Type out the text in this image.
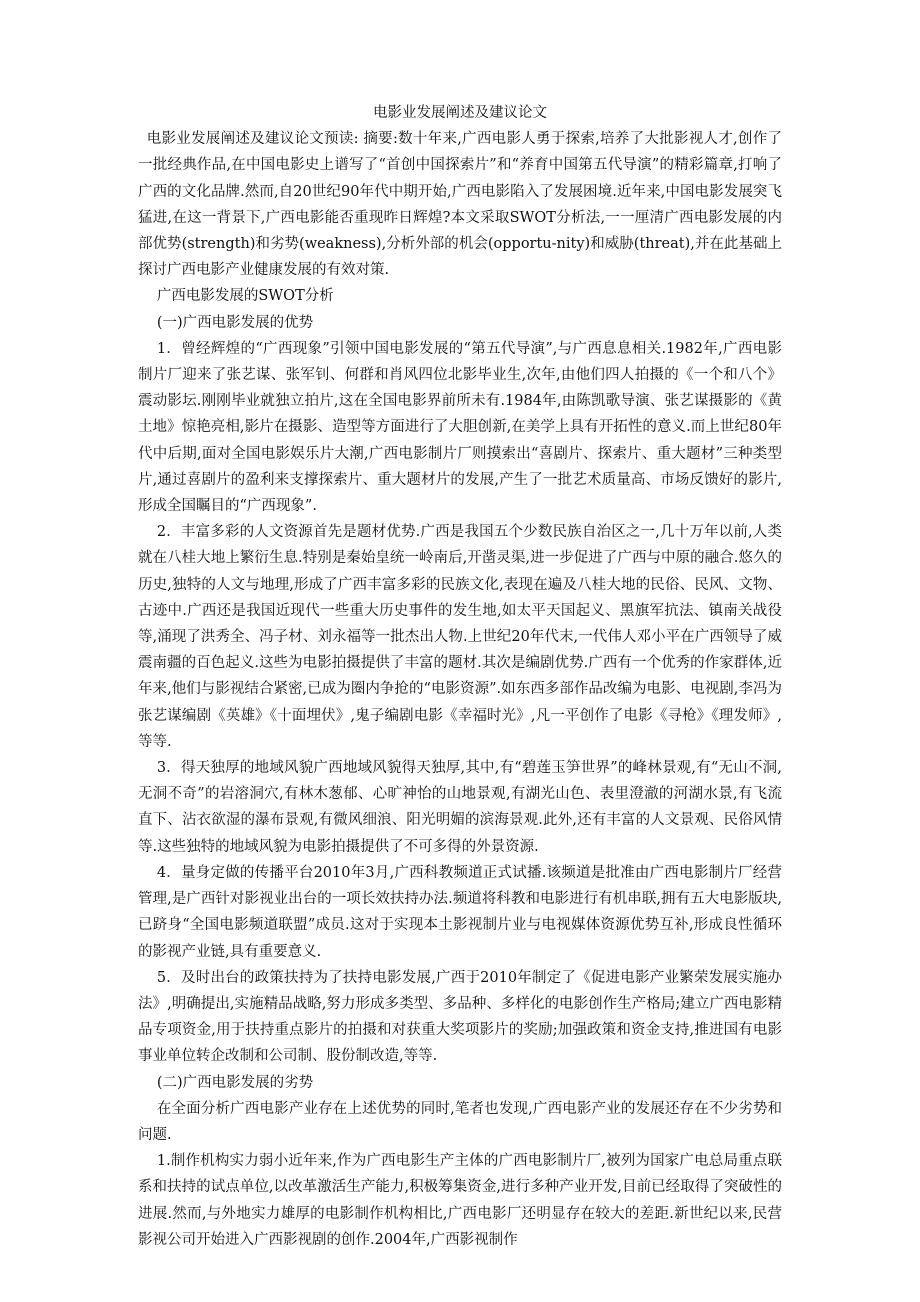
电影业发展阐述及建议论文

电影业发展阐述及建议论文预读: 摘要:数十年来,广西电影人勇于探索,培养了大批影视人才,创作了一批经典作品,在中国电影史上谱写了“首创中国探索片”和“养育中国第五代导演”的精彩篇章,打响了广西的文化品牌.然而,自20世纪90年代中期开始,广西电影陷入了发展困境.近年来,中国电影发展突飞猛进,在这一背景下,广西电影能否重现昨日辉煌?本文采取SWOT分析法,一一厘清广西电影发展的内部优势(strength)和劣势(weakness),分析外部的机会(opportu-nity)和威胁(threat),并在此基础上探讨广西电影产业健康发展的有效对策.

广西电影发展的SWOT分析

(一)广西电影发展的优势

1．曾经辉煌的“广西现象”引领中国电影发展的“第五代导演”,与广西息息相关.1982年,广西电影制片厂迎来了张艺谋、张军钊、何群和肖风四位北影毕业生,次年,由他们四人拍摄的《一个和八个》震动影坛.刚刚毕业就独立拍片,这在全国电影界前所未有.1984年,由陈凯歌导演、张艺谋摄影的《黄土地》惊艳亮相,影片在摄影、造型等方面进行了大胆创新,在美学上具有开拓性的意义.而上世纪80年代中后期,面对全国电影娱乐片大潮,广西电影制片厂则摸索出“喜剧片、探索片、重大题材”三种类型片,通过喜剧片的盈利来支撑探索片、重大题材片的发展,产生了一批艺术质量高、市场反馈好的影片,形成全国瞩目的“广西现象”.

2．丰富多彩的人文资源首先是题材优势.广西是我国五个少数民族自治区之一,几十万年以前,人类就在八桂大地上繁衍生息.特别是秦始皇统一岭南后,开凿灵渠,进一步促进了广西与中原的融合.悠久的历史,独特的人文与地理,形成了广西丰富多彩的民族文化,表现在遍及八桂大地的民俗、民风、文物、古迹中.广西还是我国近现代一些重大历史事件的发生地,如太平天国起义、黑旗军抗法、镇南关战役等,涌现了洪秀全、冯子材、刘永福等一批杰出人物.上世纪20年代末,一代伟人邓小平在广西领导了威震南疆的百色起义.这些为电影拍摄提供了丰富的题材.其次是编剧优势.广西有一个优秀的作家群体,近年来,他们与影视结合紧密,已成为圈内争抢的“电影资源”.如东西多部作品改编为电影、电视剧,李冯为张艺谋编剧《英雄》《十面埋伏》,鬼子编剧电影《幸福时光》,凡一平创作了电影《寻枪》《理发师》,等等.

3．得天独厚的地域风貌广西地域风貌得天独厚,其中,有“碧莲玉笋世界”的峰林景观,有“无山不洞,无洞不奇”的岩溶洞穴,有林木葱郁、心旷神怡的山地景观,有湖光山色、表里澄澈的河湖水景,有飞流直下、沾衣欲湿的瀑布景观,有微风细浪、阳光明媚的滨海景观.此外,还有丰富的人文景观、民俗风情等.这些独特的地域风貌为电影拍摄提供了不可多得的外景资源.

4．量身定做的传播平台2010年3月,广西科教频道正式试播.该频道是批准由广西电影制片厂经营管理,是广西针对影视业出台的一项长效扶持办法.频道将科教和电影进行有机串联,拥有五大电影版块,已跻身“全国电影频道联盟”成员.这对于实现本土影视制片业与电视媒体资源优势互补,形成良性循环的影视产业链,具有重要意义.

5．及时出台的政策扶持为了扶持电影发展,广西于2010年制定了《促进电影产业繁荣发展实施办法》,明确提出,实施精品战略,努力形成多类型、多品种、多样化的电影创作生产格局;建立广西电影精品专项资金,用于扶持重点影片的拍摄和对获重大奖项影片的奖励;加强政策和资金支持,推进国有电影事业单位转企改制和公司制、股份制改造,等等.

(二)广西电影发展的劣势

在全面分析广西电影产业存在上述优势的同时,笔者也发现,广西电影产业的发展还存在不少劣势和问题.

1.制作机构实力弱小近年来,作为广西电影生产主体的广西电影制片厂,被列为国家广电总局重点联系和扶持的试点单位,以改革激活生产能力,积极筹集资金,进行多种产业开发,目前已经取得了突破性的进展.然而,与外地实力雄厚的电影制作机构相比,广西电影厂还明显存在较大的差距.新世纪以来,民营影视公司开始进入广西影视剧的创作.2004年,广西影视制作
